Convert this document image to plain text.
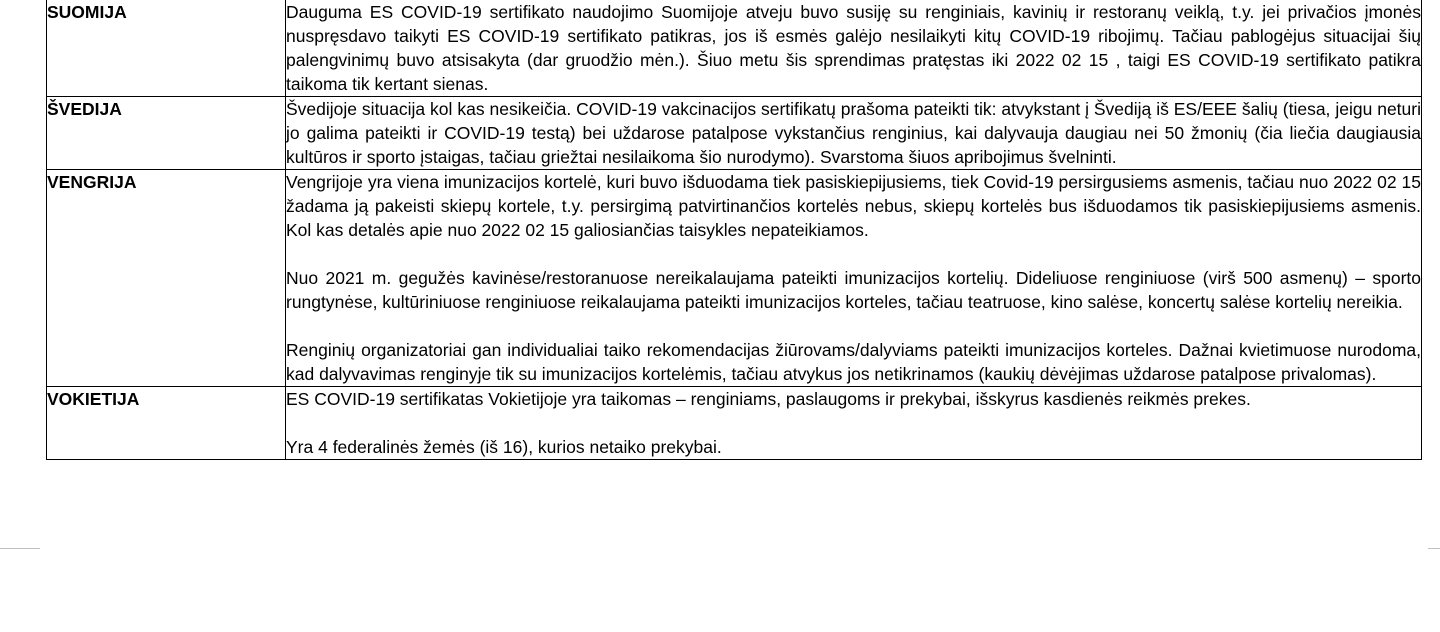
SUOMIJA	Dauguma ES COVID-19 sertifikato naudojimo Suomijoje atveju buvo susiję su renginiais, kavinių ir restoranų veiklą, t.y. jei privačios įmonės nuspręsdavo taikyti ES COVID-19 sertifikato patikras, jos iš esmės galėjo nesilaikyti kitų COVID-19 ribojimų. Tačiau pablogėjus situacijai šių palengvinimų buvo atsisakyta (dar gruodžio mėn.). Šiuo metu šis sprendimas pratęstas iki 2022 02 15 , taigi ES COVID-19 sertifikato patikra taikoma tik kertant sienas.

ŠVEDIJA	Švedijoje situacija kol kas nesikeičia. COVID-19 vakcinacijos sertifikatų prašoma pateikti tik: atvykstant į Švediją iš ES/EEE šalių (tiesa, jeigu neturi jo galima pateikti ir COVID-19 testą) bei uždarose patalpose vykstančius renginius, kai dalyvauja daugiau nei 50 žmonių (čia liečia daugiausia kultūros ir sporto įstaigas, tačiau griežtai nesilaikoma šio nurodymo). Svarstoma šiuos apribojimus švelninti.

VENGRIJA	Vengrijoje yra viena imunizacijos kortelė, kuri buvo išduodama tiek pasiskiepijusiems, tiek Covid-19 persirgusiems asmenis, tačiau nuo 2022 02 15 žadama ją pakeisti skiepų kortele, t.y. persirgimą patvirtinančios kortelės nebus, skiepų kortelės bus išduodamos tik pasiskiepijusiems asmenis. Kol kas detalės apie nuo 2022 02 15 galiosiančias taisykles nepateikiamos.

Nuo 2021 m. gegužės kavinėse/restoranuose nereikalaujama pateikti imunizacijos kortelių. Dideliuose renginiuose (virš 500 asmenų) – sporto rungtynėse, kultūriniuose renginiuose reikalaujama pateikti imunizacijos korteles, tačiau teatruose, kino salėse, koncertų salėse kortelių nereikia.

Renginių organizatoriai gan individualiai taiko rekomendacijas žiūrovams/dalyviams pateikti imunizacijos korteles. Dažnai kvietimuose nurodoma, kad dalyvavimas renginyje tik su imunizacijos kortelėmis, tačiau atvykus jos netikrinamos (kaukių dėvėjimas uždarose patalpose privalomas).

VOKIETIJA	ES COVID-19 sertifikatas Vokietijoje yra taikomas – renginiams, paslaugoms ir prekybai, išskyrus kasdienės reikmės prekes.

Yra 4 federalinės žemės (iš 16), kurios netaiko prekybai.
